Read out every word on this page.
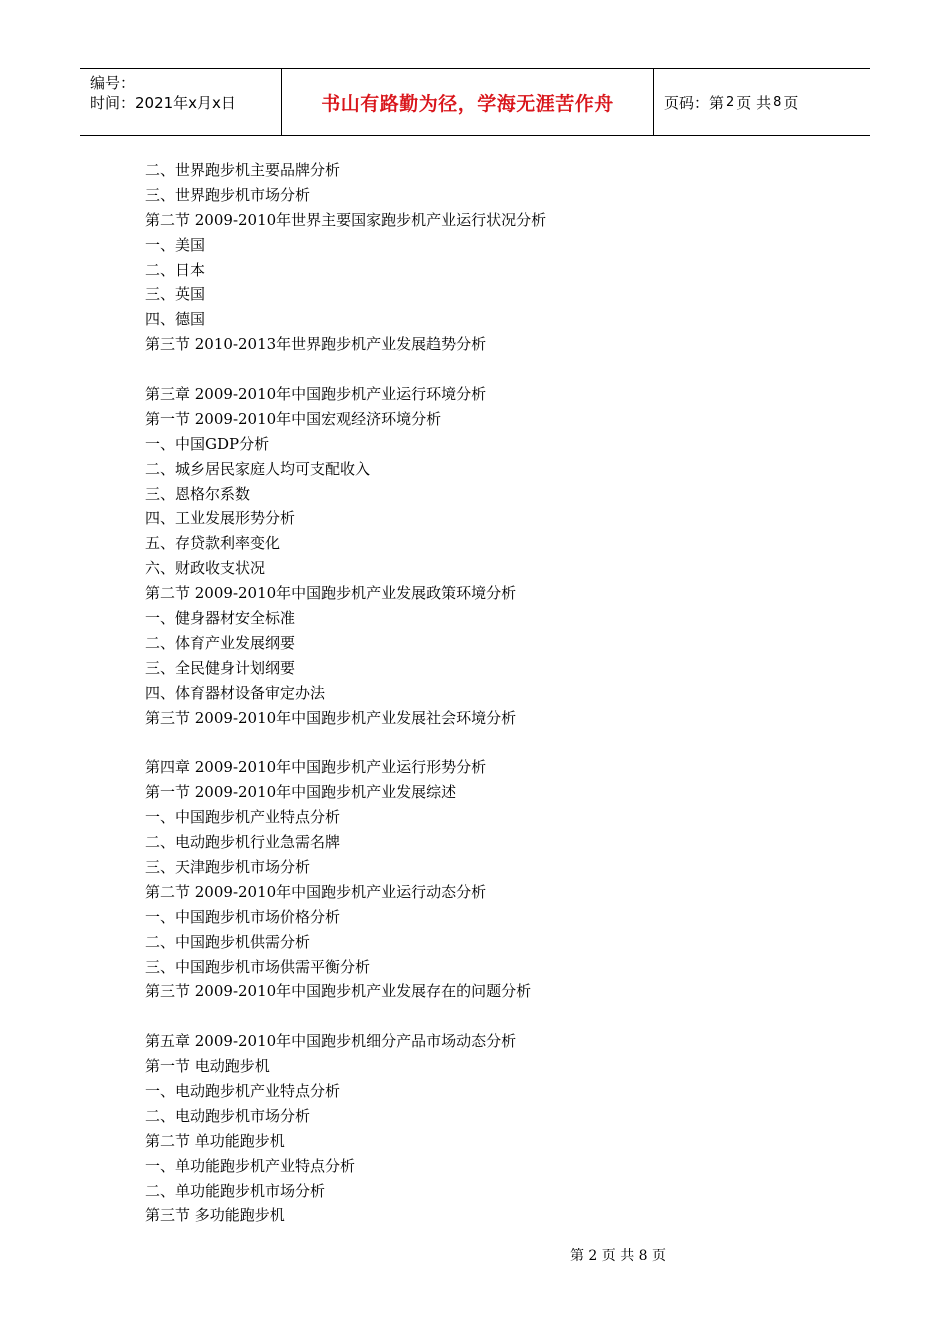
编号：
时间：2021年x月x日	书山有路勤为径，学海无涯苦作舟	页码：第 2 页 共 8 页
二、世界跑步机主要品牌分析
三、世界跑步机市场分析
第二节 2009-2010年世界主要国家跑步机产业运行状况分析
一、美国
二、日本
三、英国
四、德国
第三节 2010-2013年世界跑步机产业发展趋势分析
第三章 2009-2010年中国跑步机产业运行环境分析
第一节 2009-2010年中国宏观经济环境分析
一、中国GDP分析
二、城乡居民家庭人均可支配收入
三、恩格尔系数
四、工业发展形势分析
五、存贷款利率变化
六、财政收支状况
第二节 2009-2010年中国跑步机产业发展政策环境分析
一、健身器材安全标准
二、体育产业发展纲要
三、全民健身计划纲要
四、体育器材设备审定办法
第三节 2009-2010年中国跑步机产业发展社会环境分析
第四章 2009-2010年中国跑步机产业运行形势分析
第一节 2009-2010年中国跑步机产业发展综述
一、中国跑步机产业特点分析
二、电动跑步机行业急需名牌
三、天津跑步机市场分析
第二节 2009-2010年中国跑步机产业运行动态分析
一、中国跑步机市场价格分析
二、中国跑步机供需分析
三、中国跑步机市场供需平衡分析
第三节 2009-2010年中国跑步机产业发展存在的问题分析
第五章 2009-2010年中国跑步机细分产品市场动态分析
第一节 电动跑步机
一、电动跑步机产业特点分析
二、电动跑步机市场分析
第二节 单功能跑步机
一、单功能跑步机产业特点分析
二、单功能跑步机市场分析
第三节 多功能跑步机
第 2 页 共 8 页
